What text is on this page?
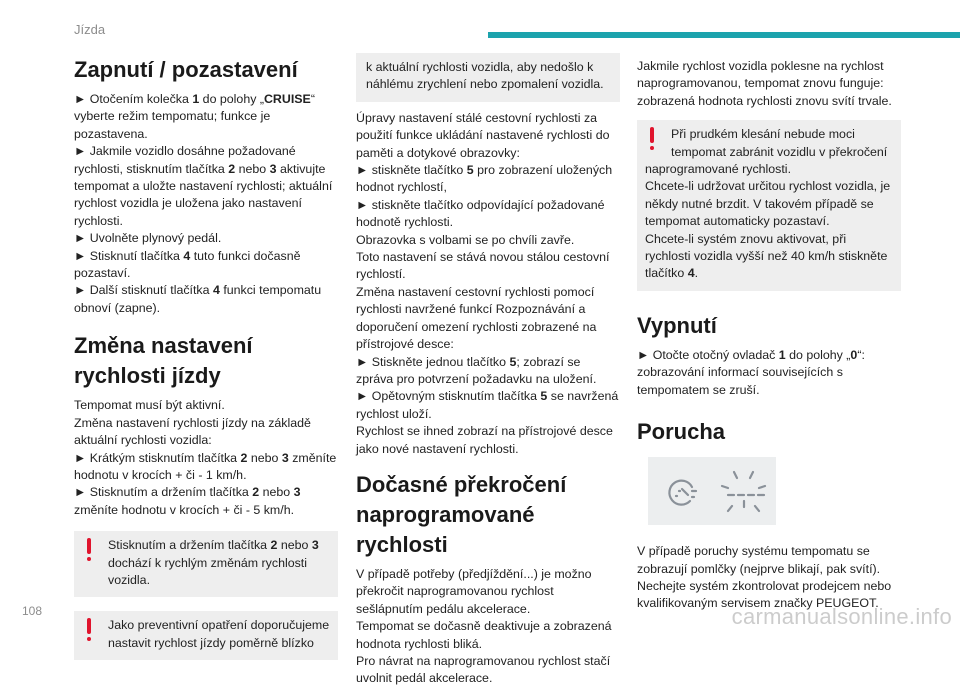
Jízda
Zapnutí / pozastavení

► Otočením kolečka 1 do polohy „CRUISE“ vyberte režim tempomatu; funkce je pozastavena.
► Jakmile vozidlo dosáhne požadované rychlosti, stisknutím tlačítka 2 nebo 3 aktivujte tempomat a uložte nastavení rychlosti; aktuální rychlost vozidla je uložena jako nastavení rychlosti.
► Uvolněte plynový pedál.
► Stisknutí tlačítka 4 tuto funkci dočasně pozastaví.
► Další stisknutí tlačítka 4 funkci tempomatu obnoví (zapne).

Změna nastavení rychlosti jízdy

Tempomat musí být aktivní.
Změna nastavení rychlosti jízdy na základě aktuální rychlosti vozidla:
► Krátkým stisknutím tlačítka 2 nebo 3 změníte hodnotu v krocích + či - 1 km/h.
► Stisknutím a držením tlačítka 2 nebo 3 změníte hodnotu v krocích + či - 5 km/h.

Stisknutím a držením tlačítka 2 nebo 3 dochází k rychlým změnám rychlosti vozidla.
Jako preventivní opatření doporučujeme nastavit rychlost jízdy poměrně blízko
k aktuální rychlosti vozidla, aby nedošlo k náhlému zrychlení nebo zpomalení vozidla.

Úpravy nastavení stálé cestovní rychlosti za použití funkce ukládání nastavené rychlosti do paměti a dotykové obrazovky:
► stiskněte tlačítko 5 pro zobrazení uložených hodnot rychlostí,
► stiskněte tlačítko odpovídající požadované hodnotě rychlosti.
Obrazovka s volbami se po chvíli zavře.
Toto nastavení se stává novou stálou cestovní rychlostí.
Změna nastavení cestovní rychlosti pomocí rychlosti navržené funkcí Rozpoznávání a doporučení omezení rychlosti zobrazené na přístrojové desce:
► Stiskněte jednou tlačítko 5; zobrazí se zpráva pro potvrzení požadavku na uložení.
► Opětovným stisknutím tlačítka 5 se navržená rychlost uloží.
Rychlost se ihned zobrazí na přístrojové desce jako nové nastavení rychlosti.

Dočasné překročení naprogramované rychlosti

V případě potřeby (předjíždění...) je možno překročit naprogramovanou rychlost sešlápnutím pedálu akcelerace.
Tempomat se dočasně deaktivuje a zobrazená hodnota rychlosti bliká.
Pro návrat na naprogramovanou rychlost stačí uvolnit pedál akcelerace.

Jakmile rychlost vozidla poklesne na rychlost naprogramovanou, tempomat znovu funguje: zobrazená hodnota rychlosti znovu svítí trvale.

Při prudkém klesání nebude moci tempomat zabránit vozidlu v překročení
naprogramované rychlosti.
Chcete-li udržovat určitou rychlost vozidla, je někdy nutné brzdit. V takovém případě se tempomat automaticky pozastaví.
Chcete-li systém znovu aktivovat, při rychlosti vozidla vyšší než 40 km/h stiskněte tlačítko 4.
Vypnutí

► Otočte otočný ovladač 1 do polohy „0“: zobrazování informací souvisejících s tempomatem se zruší.

Porucha

V případě poruchy systému tempomatu se zobrazují pomlčky (nejprve blikají, pak svítí). Nechejte systém zkontrolovat prodejcem nebo kvalifikovaným servisem značky PEUGEOT.

108	carmanualsonline.info
